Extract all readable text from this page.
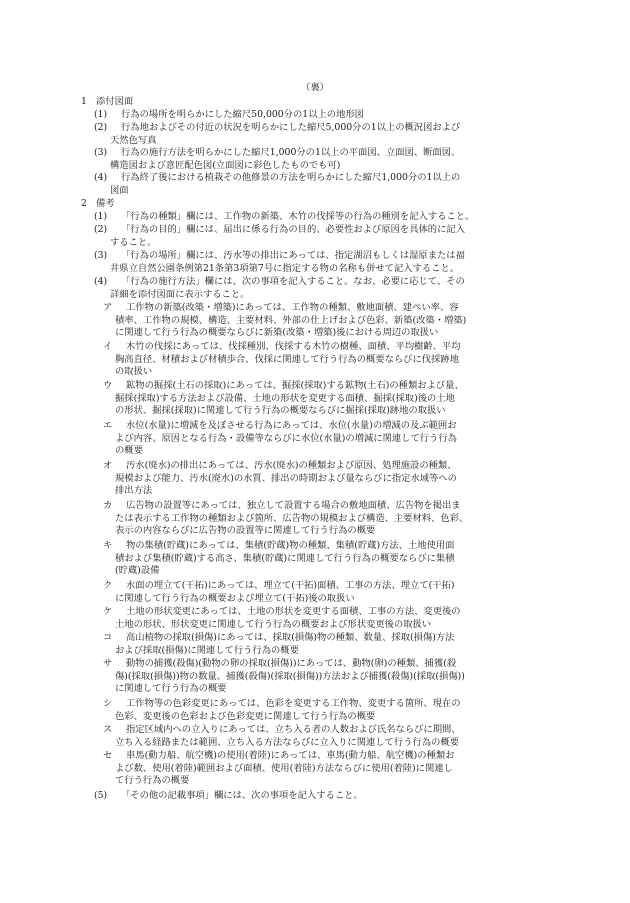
（裏）
1 添付図面
(1) 行為の場所を明らかにした縮尺50,000分の1以上の地形図
(2) 行為地およびその付近の状況を明らかにした縮尺5,000分の1以上の概況図および
天然色写真
(3) 行為の施行方法を明らかにした縮尺1,000分の1以上の平面図、立面図、断面図、
構造図および意匠配色図(立面図に彩色したものでも可)
(4) 行為終了後における植栽その他修景の方法を明らかにした縮尺1,000分の1以上の
図面
2 備考
(1) 「行為の種類」欄には、工作物の新築、木竹の伐採等の行為の種別を記入すること。
(2) 「行為の目的」欄には、届出に係る行為の目的、必要性および原因を具体的に記入
すること。
(3) 「行為の場所」欄には、汚水等の排出にあっては、指定湖沼もしくは湿原または福
井県立自然公園条例第21条第3項第7号に指定する物の名称も併せて記入すること。
(4) 「行為の施行方法」欄には、次の事項を記入すること。なお、必要に応じて、その
詳細を添付図面に表示すること。
ア 工作物の新築(改築・増築)にあっては、工作物の種類、敷地面積、建ぺい率、容
積率、工作物の規模、構造、主要材料、外部の仕上げおよび色彩、新築(改築・増築)
に関連して行う行為の概要ならびに新築(改築・増築)後における周辺の取扱い
イ 木竹の伐採にあっては、伐採種別、伐採する木竹の樹種、面積、平均樹齢、平均
胸高直径、材積および材積歩合、伐採に関連して行う行為の概要ならびに伐採跡地
の取扱い
ウ 鉱物の掘採(土石の採取)にあっては、掘採(採取)する鉱物(土石)の種類および量、
掘採(採取)する方法および設備、土地の形状を変更する面積、掘採(採取)後の土地
の形状、掘採(採取)に関連して行う行為の概要ならびに掘採(採取)跡地の取扱い
エ 水位(水量)に増減を及ぼさせる行為にあっては、水位(水量)の増減の及ぶ範囲お
よび内容、原因となる行為・設備等ならびに水位(水量)の増減に関連して行う行為
の概要
オ 汚水(廃水)の排出にあっては、汚水(廃水)の種類および原因、処理施設の種類、
規模および能力、汚水(廃水)の水質、排出の時期および量ならびに指定水域等への
排出方法
カ 広告物の設置等にあっては、独立して設置する場合の敷地面積、広告物を掲出ま
たは表示する工作物の種類および箇所、広告物の規模および構造、主要材料、色彩、
表示の内容ならびに広告物の設置等に関連して行う行為の概要
キ 物の集積(貯蔵)にあっては、集積(貯蔵)物の種類、集積(貯蔵)方法、土地使用面
積および集積(貯蔵)する高さ、集積(貯蔵)に関連して行う行為の概要ならびに集積
(貯蔵)設備
ク 水面の埋立て(干拓)にあっては、埋立て(干拓)面積、工事の方法、埋立て(干拓)
に関連して行う行為の概要および埋立て(干拓)後の取扱い
ケ 土地の形状変更にあっては、土地の形状を変更する面積、工事の方法、変更後の
土地の形状、形状変更に関連して行う行為の概要および形状変更後の取扱い
コ 高山植物の採取(損傷)にあっては、採取(損傷)物の種類、数量、採取(損傷)方法
および採取(損傷)に関連して行う行為の概要
サ 動物の捕獲(殺傷)(動物の卵の採取(損傷))にあっては、動物(卵)の種類、捕獲(殺
傷)(採取(損傷))物の数量、捕獲(殺傷)(採取(損傷))方法および捕獲(殺傷)(採取(損傷))
に関連して行う行為の概要
シ 工作物等の色彩変更にあっては、色彩を変更する工作物、変更する箇所、現在の
色彩、変更後の色彩および色彩変更に関連して行う行為の概要
ス 指定区域内への立入りにあっては、立ち入る者の人数および氏名ならびに期間、
立ち入る経路または範囲、立ち入る方法ならびに立入りに関連して行う行為の概要
セ 車馬(動力船、航空機)の使用(着陸)にあっては、車馬(動力船、航空機)の種類お
よび数、使用(着陸)範囲および面積、使用(着陸)方法ならびに使用(着陸)に関連し
て行う行為の概要
(5) 「その他の記載事項」欄には、次の事項を記入すること。
